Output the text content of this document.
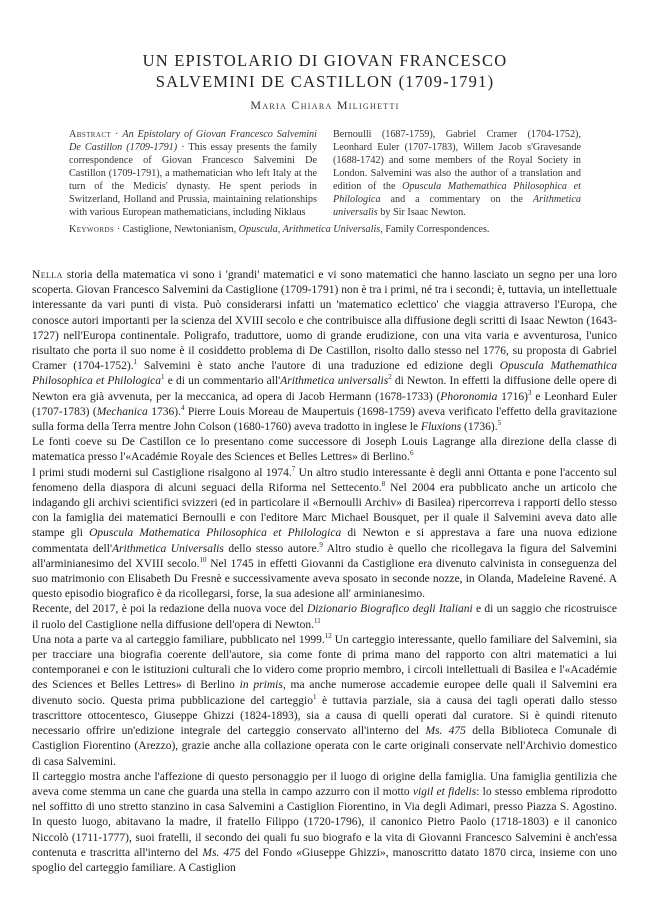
UN EPISTOLARIO DI GIOVAN FRANCESCO
SALVEMINI DE CASTILLON (1709-1791)
Maria Chiara Milighetti

Abstract · An Epistolary of Giovan Francesco Salvemini De Castillon (1709-1791) · This essay presents the family correspondence of Giovan Francesco Salvemini De Castillon (1709-1791), a mathematician who left Italy at the turn of the Medicis' dynasty. He spent periods in Switzerland, Holland and Prussia, maintaining relationships with various European mathematicians, including Niklaus

Bernoulli (1687-1759), Gabriel Cramer (1704-1752), Leonhard Euler (1707-1783), Willem Jacob s'Gravesande (1688-1742) and some members of the Royal Society in London. Salvemini was also the author of a translation and edition of the Opuscula Mathemathica Philosophica et Philologica and a commentary on the Arithmetica universalis by Sir Isaac Newton.

Keywords · Castiglione, Newtonianism, Opuscula, Arithmetica Universalis, Family Correspondences.

Nella storia della matematica vi sono i 'grandi' matematici e vi sono matematici che hanno lasciato un segno per una loro scoperta. Giovan Francesco Salvemini da Castiglione (1709-1791) non è tra i primi, né tra i secondi; è, tuttavia, un intellettuale interessante da vari punti di vista. Può considerarsi infatti un 'matematico eclettico' che viaggia attraverso l'Europa, che conosce autori importanti per la scienza del XVIII secolo e che contribuisce alla diffusione degli scritti di Isaac Newton (1643-1727) nell'Europa continentale. Poligrafo, traduttore, uomo di grande erudizione, con una vita varia e avventurosa, l'unico risultato che porta il suo nome è il cosiddetto problema di De Castillon, risolto dallo stesso nel 1776, su proposta di Gabriel Cramer (1704-1752).$^1$ Salvemini è stato anche l'autore di una traduzione ed edizione degli Opuscula Mathemathica Philosophica et Philologica$^1$ e di un commentario all'Arithmetica universalis$^2$ di Newton. In effetti la diffusione delle opere di Newton era già avvenuta, per la meccanica, ad opera di Jacob Hermann (1678-1733) (Phoronomia 1716)$^3$ e Leonhard Euler (1707-1783) (Mechanica 1736).$^4$ Pierre Louis Moreau de Maupertuis (1698-1759) aveva verificato l'effetto della gravitazione sulla forma della Terra mentre John Colson (1680-1760) aveva tradotto in inglese le Fluxions (1736).$^5$

Le fonti coeve su De Castillon ce lo presentano come successore di Joseph Louis Lagrange alla direzione della classe di matematica presso l'«Académie Royale des Sciences et Belles Lettres» di Berlino.$^6$

I primi studi moderni sul Castiglione risalgono al 1974.$^7$ Un altro studio interessante è degli anni Ottanta e pone l'accento sul fenomeno della diaspora di alcuni seguaci della Riforma nel Settecento.$^8$ Nel 2004 era pubblicato anche un articolo che indagando gli archivi scientifici svizzeri (ed in particolare il «Bernoulli Archiv» di Basilea) ripercorreva i rapporti dello stesso con la famiglia dei matematici Bernoulli e con l'editore Marc Michael Bousquet, per il quale il Salvemini aveva dato alle stampe gli Opuscula Mathematica Philosophica et Philologica di Newton e si apprestava a fare una nuova edizione commentata dell'Arithmetica Universalis dello stesso autore.$^9$ Altro studio è quello che ricollegava la figura del Salvemini all'arminianesimo del XVIII secolo.$^{10}$ Nel 1745 in effetti Giovanni da Castiglione era divenuto calvinista in conseguenza del suo matrimonio con Elisabeth Du Fresnè e successivamente aveva sposato in seconde nozze, in Olanda, Madeleine Ravené. A questo episodio biografico è da ricollegarsi, forse, la sua adesione all' arminianesimo.

Recente, del 2017, è poi la redazione della nuova voce del Dizionario Biografico degli Italiani e di un saggio che ricostruisce il ruolo del Castiglione nella diffusione dell'opera di Newton.$^{11}$

Una nota a parte va al carteggio familiare, pubblicato nel 1999.12 Un carteggio interessante, quello familiare del Salvemini, sia per tracciare una biografia coerente dell'autore, sia come fonte di prima mano del rapporto con altri matematici a lui contemporanei e con le istituzioni culturali che lo videro come proprio membro, i circoli intellettuali di Basilea e l'«Académie des Sciences et Belles Lettres» di Berlino in primis, ma anche numerose accademie europee delle quali il Salvemini era divenuto socio. Questa prima pubblicazione del carteggio$^1$ è tuttavia parziale, sia a causa dei tagli operati dallo stesso trascrittore ottocentesco, Giuseppe Ghizzi (1824-1893), sia a causa di quelli operati dal curatore. Si è quindi ritenuto necessario offrire un'edizione integrale del carteggio conservato all'interno del Ms. 475 della Biblioteca Comunale di Castiglion Fiorentino (Arezzo), grazie anche alla collazione operata con le carte originali conservate nell'Archivio domestico di casa Salvemini.

Il carteggio mostra anche l'affezione di questo personaggio per il luogo di origine della famiglia. Una famiglia gentilizia che aveva come stemma un cane che guarda una stella in campo azzurro con il motto vigil et fidelis: lo stesso emblema riprodotto nel soffitto di uno stretto stanzino in casa Salvemini a Castiglion Fiorentino, in Via degli Adimari, presso Piazza S. Agostino. In questo luogo, abitavano la madre, il fratello Filippo (1720-1796), il canonico Pietro Paolo (1718-1803) e il canonico Niccolò (1711-1777), suoi fratelli, il secondo dei quali fu suo biografo e la vita di Giovanni Francesco Salvemini è anch'essa contenuta e trascritta all'interno del Ms. 475 del Fondo «Giuseppe Ghizzi», manoscritto datato 1870 circa, insieme con uno spoglio del carteggio familiare. A Castiglion
